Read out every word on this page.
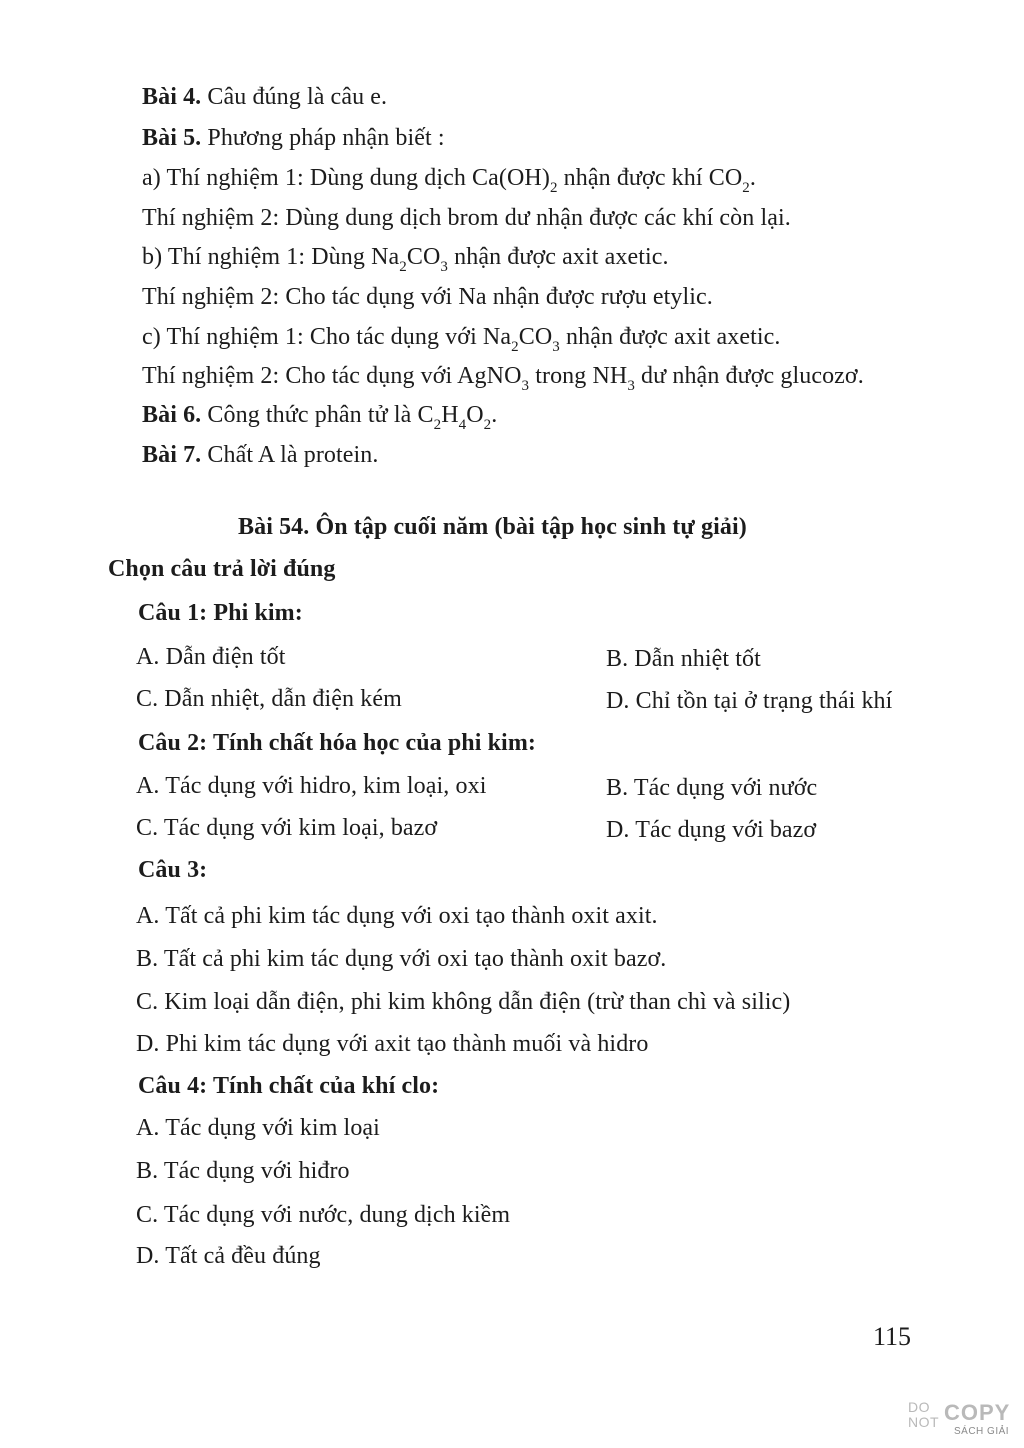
Bài 4. Câu đúng là câu e.
Bài 5. Phương pháp nhận biết :
a) Thí nghiệm 1: Dùng dung dịch $Ca(OH)_2$ nhận được khí $CO_2$.
Thí nghiệm 2: Dùng dung dịch brom dư nhận được các khí còn lại.
b) Thí nghiệm 1: Dùng $Na_2CO_3$ nhận được axit axetic.
Thí nghiệm 2: Cho tác dụng với Na nhận được rượu etylic.
c) Thí nghiệm 1: Cho tác dụng với $Na_2CO_3$ nhận được axit axetic.
Thí nghiệm 2: Cho tác dụng với AgNO$_3$ trong $NH_3$ dư nhận được glucozơ.
Bài 6. Công thức phân tử là $C_2H_4O_2$.
Bài 7. Chất A là protein.
Bài 54. Ôn tập cuối năm (bài tập học sinh tự giải)
Chọn câu trả lời đúng
Câu 1: Phi kim:
A. Dẫn điện tốt	B. Dẫn nhiệt tốt
C. Dẫn nhiệt, dẫn điện kém	D. Chỉ tồn tại ở trạng thái khí
Câu 2: Tính chất hóa học của phi kim:
A. Tác dụng với hidro, kim loại, oxi	B. Tác dụng với nước
C. Tác dụng với kim loại, bazơ	D. Tác dụng với bazơ
Câu 3:
A. Tất cả phi kim tác dụng với oxi tạo thành oxit axit.
B. Tất cả phi kim tác dụng với oxi tạo thành oxit bazơ.
C. Kim loại dẫn điện, phi kim không dẫn điện (trừ than chì và silic)
D. Phi kim tác dụng với axit tạo thành muối và hidro
Câu 4: Tính chất của khí clo:
A. Tác dụng với kim loại
B. Tác dụng với hiđro
C. Tác dụng với nước, dung dịch kiềm
D. Tất cả đều đúng
115
DO
NOT COPY
SÁCH GIẢI
